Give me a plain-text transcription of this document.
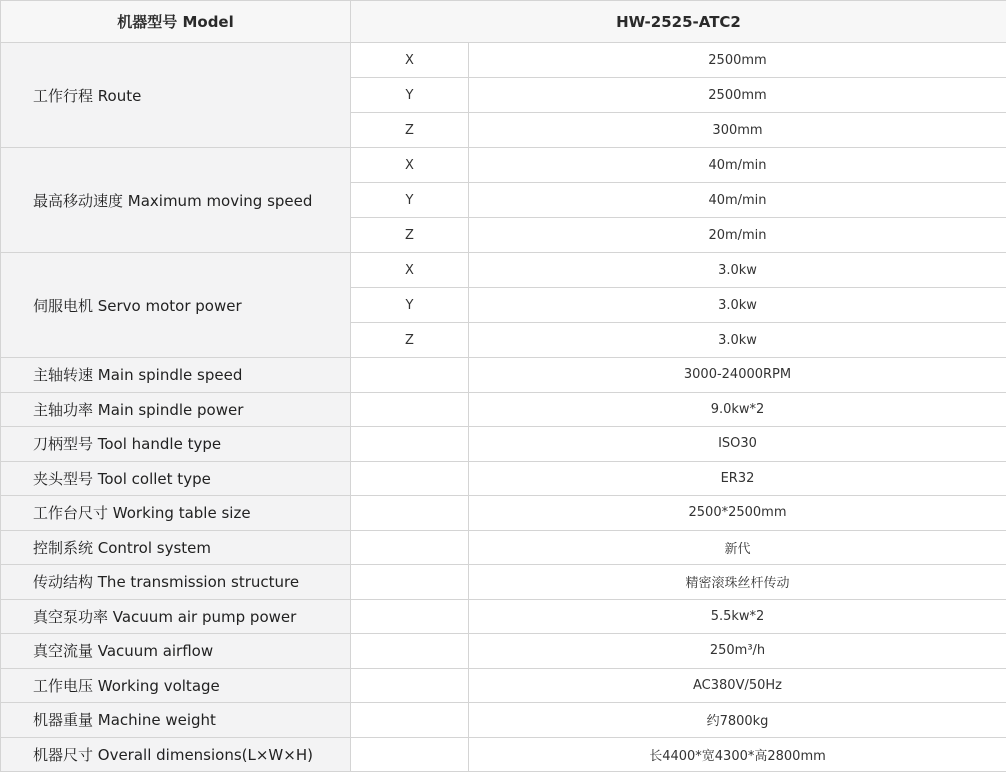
机器型号 Model	HW-2525-ATC2	
工作行程 Route	X	2500mm
	Y	2500mm
	Z	300mm
最高移动速度 Maximum moving speed	X	40m/min
	Y	40m/min
	Z	20m/min
伺服电机 Servo motor power	X	3.0kw
	Y	3.0kw
	Z	3.0kw
主轴转速 Main spindle speed		3000-24000RPM
主轴功率 Main spindle power		9.0kw*2
刀柄型号 Tool handle type		ISO30
夹头型号 Tool collet type		ER32
工作台尺寸 Working table size		2500*2500mm
控制系统 Control system		新代
传动结构 The transmission structure		精密滚珠丝杆传动
真空泵功率 Vacuum air pump power		5.5kw*2
真空流量 Vacuum airflow		250m³/h
工作电压 Working voltage		AC380V/50Hz
机器重量 Machine weight		约7800kg
机器尺寸 Overall dimensions(L×W×H)		长4400*宽4300*高2800mm
